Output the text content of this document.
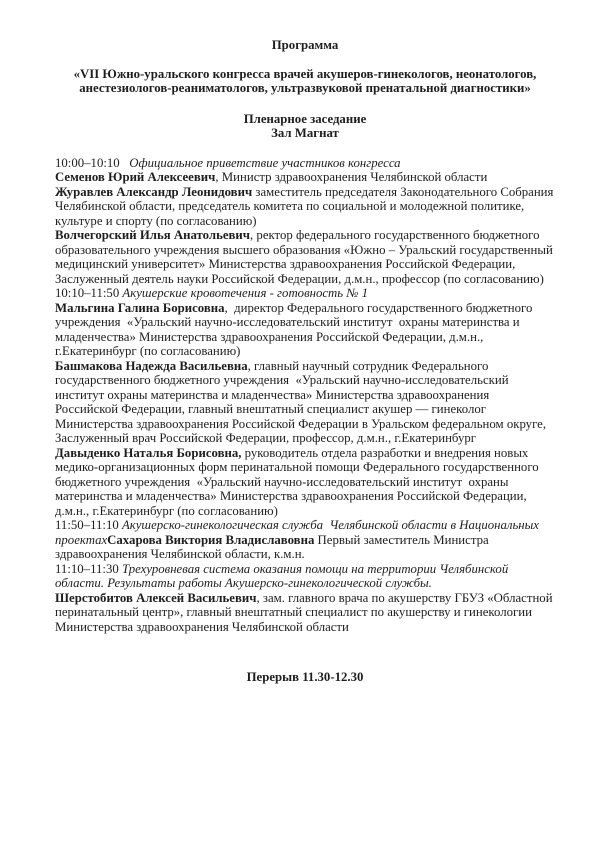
Программа
«VII Южно-уральского конгресса врачей акушеров-гинекологов, неонатологов, анестезиологов-реаниматологов, ультразвуковой пренатальной диагностики»
Пленарное заседание
Зал Магнат

10:00–10:10   Официальное приветствие участников конгресса

Семенов Юрий Алексеевич, Министр здравоохранения Челябинской области

Журавлев Александр Леонидович заместитель председателя Законодательного Собрания Челябинской области, председатель комитета по социальной и молодежной политике, культуре и спорту (по согласованию)

Волчегорский Илья Анатольевич, ректор федерального государственного бюджетного образовательного учреждения высшего образования «Южно – Уральский государственный медицинский университет» Министерства здравоохранения Российской Федерации, Заслуженный деятель науки Российской Федерации, д.м.н., профессор (по согласованию)

10:10–11:50 Акушерские кровотечения - готовность № 1

Мальгина Галина Борисовна,  директор Федерального государственного бюджетного учреждения  «Уральский научно-исследовательский институт  охраны материнства и младенчества» Министерства здравоохранения Российской Федерации, д.м.н., г.Екатеринбург (по согласованию)

Башмакова Надежда Васильевна, главный научный сотрудник Федерального государственного бюджетного учреждения  «Уральский научно-исследовательский институт охраны материнства и младенчества» Министерства здравоохранения Российской Федерации, главный внештатный специалист акушер — гинеколог Министерства здравоохранения Российской Федерации в Уральском федеральном округе, Заслуженный врач Российской Федерации, профессор, д.м.н., г.Екатеринбург

Давыденко Наталья Борисовна, руководитель отдела разработки и внедрения новых медико-организационных форм перинатальной помощи Федерального государственного бюджетного учреждения  «Уральский научно-исследовательский институт  охраны материнства и младенчества» Министерства здравоохранения Российской Федерации, д.м.н., г.Екатеринбург (по согласованию)

11:50–11:10 Акушерско-гинекологическая служба  Челябинской области в Национальных проектахСахарова Виктория Владиславовна Первый заместитель Министра здравоохранения Челябинской области, к.м.н.

11:10–11:30 Трехуровневая система оказания помощи на территории Челябинской области. Результаты работы Акушерско-гинекологической службы.

Шерстобитов Алексей Васильевич, зам. главного врача по акушерству ГБУЗ «Областной перинатальный центр», главный внештатный специалист по акушерству и гинекологии Министерства здравоохранения Челябинской области

Перерыв 11.30-12.30
